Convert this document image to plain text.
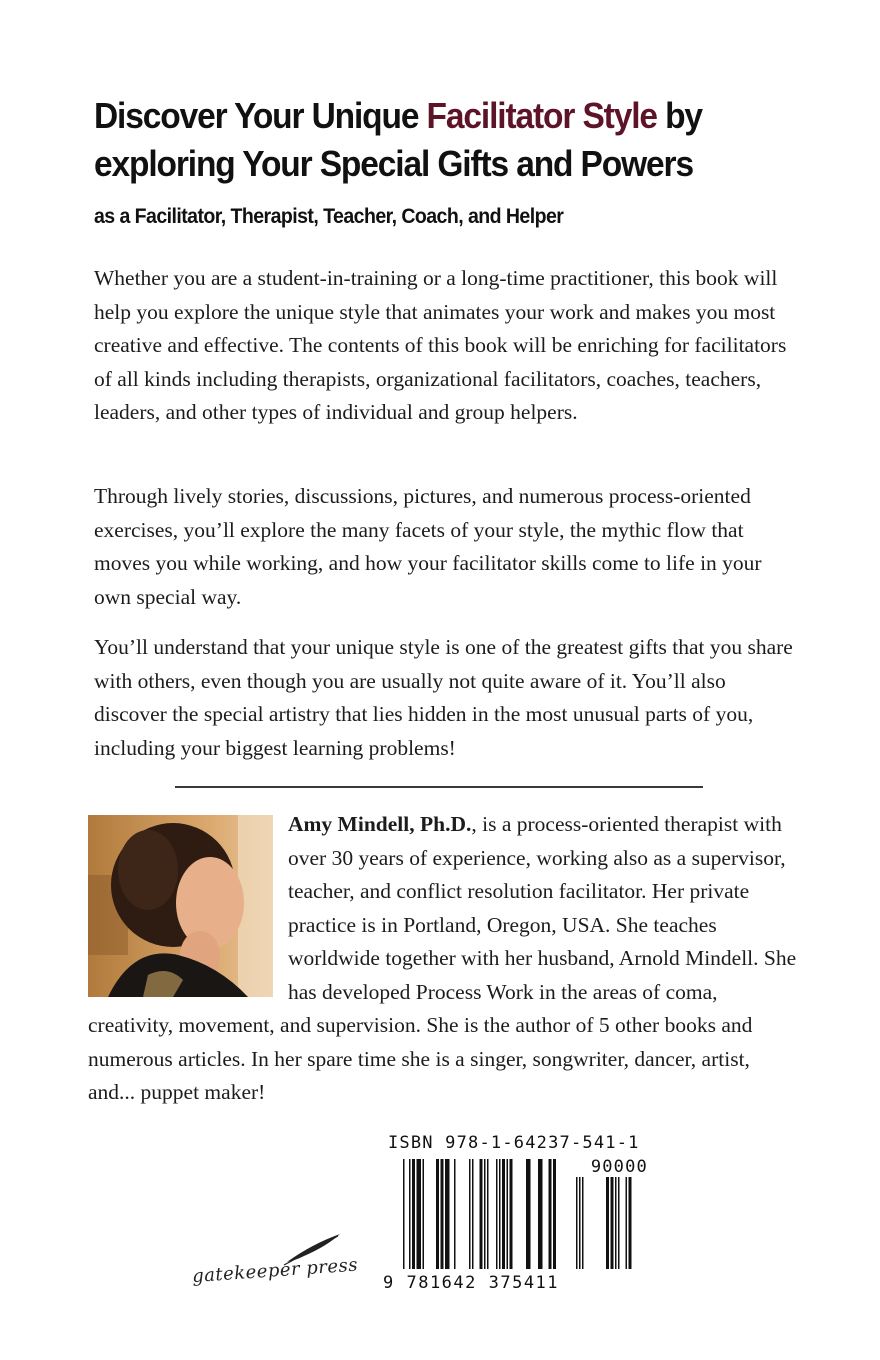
Discover Your Unique Facilitator Style by exploring Your Special Gifts and Powers
as a Facilitator, Therapist, Teacher, Coach, and Helper

Whether you are a student-in-training or a long-time practitioner, this book will help you explore the unique style that animates your work and makes you most creative and effective. The contents of this book will be enriching for facilitators of all kinds including therapists, organizational facilitators, coaches, teachers, leaders, and other types of individual and group helpers.

Through lively stories, discussions, pictures, and numerous process-oriented exercises, you’ll explore the many facets of your style, the mythic flow that moves you while working, and how your facilitator skills come to life in your own special way.

You’ll understand that your unique style is one of the greatest gifts that you share with others, even though you are usually not quite aware of it. You’ll also discover the special artistry that lies hidden in the most unusual parts of you, including your biggest learning problems!

Amy Mindell, Ph.D., is a process-oriented therapist with over 30 years of experience, working also as a supervisor, teacher, and conflict resolution facilitator. Her private practice is in Portland, Oregon, USA. She teaches worldwide together with her husband, Arnold Mindell. She has developed Process Work in the areas of coma, creativity, movement, and supervision. She is the author of 5 other books and numerous articles. In her spare time she is a singer, songwriter, dancer, artist, and... puppet maker!
ISBN 978-1-64237-541-1
90000
9 781642 375411
gatekeeper press
